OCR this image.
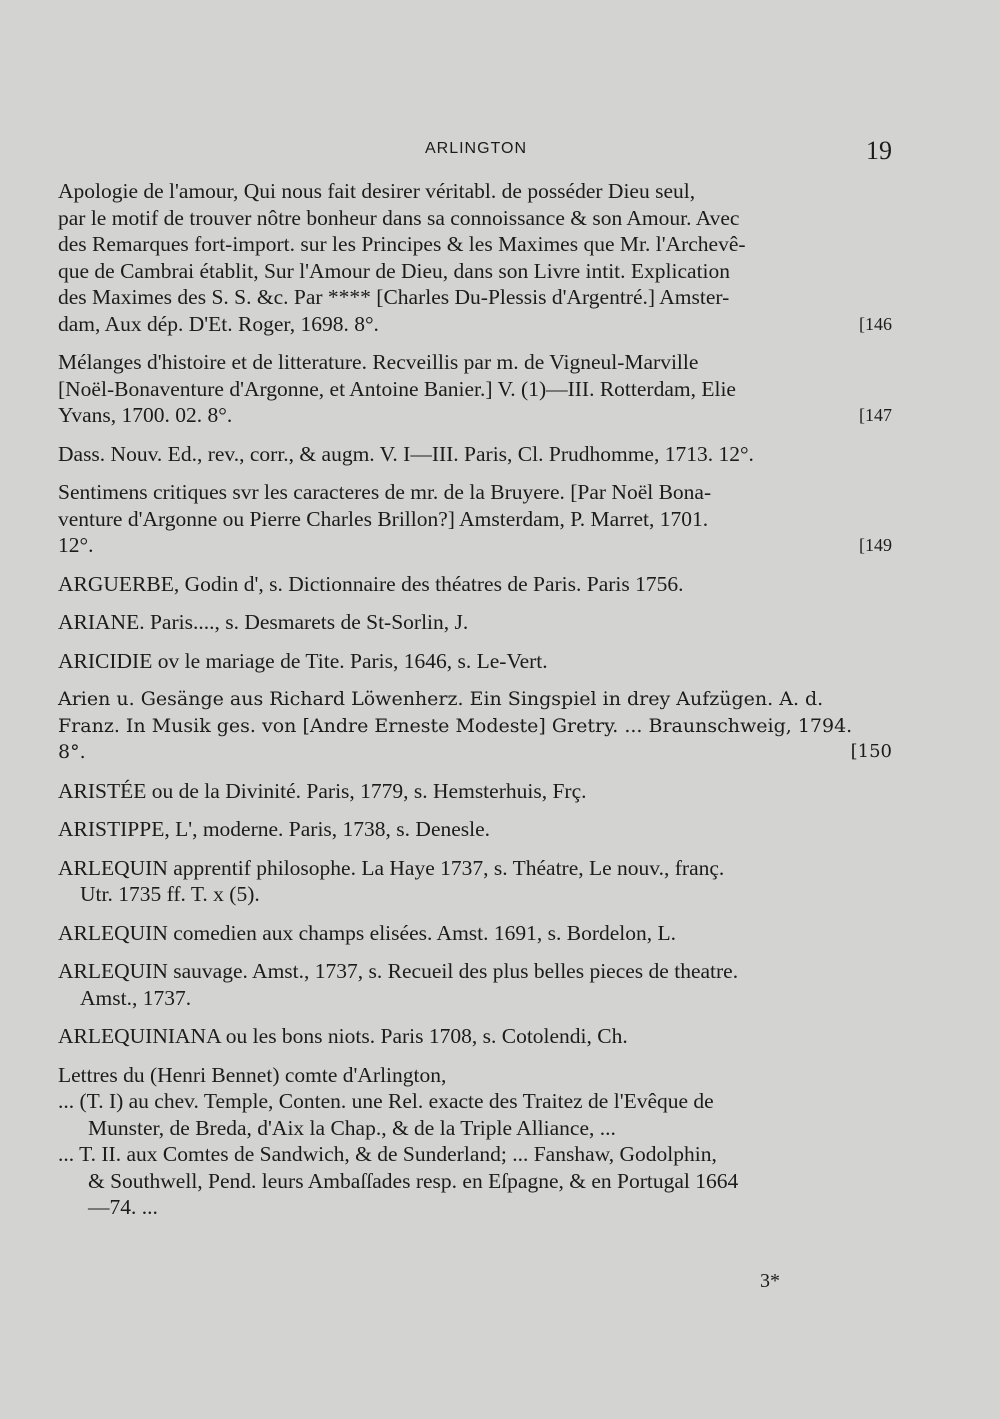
ARLINGTON	19
Apologie de l'amour, Qui nous fait desirer véritabl. de posséder Dieu seul,
par le motif de trouver nôtre bonheur dans sa connoissance & son Amour. Avec
des Remarques fort-import. sur les Principes & les Maximes que Mr. l'Archevê-
que de Cambrai établit, Sur l'Amour de Dieu, dans son Livre intit. Explication
des Maximes des S. S. &c. Par **** [Charles Du-Plessis d'Argentré.] Amster-
dam, Aux dép. D'Et. Roger, 1698. 8°.	[146
Mélanges d'histoire et de litterature. Recveillis par m. de Vigneul-Marville
[Noël-Bonaventure d'Argonne, et Antoine Banier.] V. (1)—III. Rotterdam, Elie
Yvans, 1700. 02. 8°.	[147
Dass. Nouv. Ed., rev., corr., & augm. V. I—III. Paris, Cl. Prudhomme, 1713. 12°.
Sentimens critiques svr les caracteres de mr. de la Bruyere. [Par Noël Bona-
venture d'Argonne ou Pierre Charles Brillon?] Amsterdam, P. Marret, 1701.
12°.	[149
ARGUERBE, Godin d', s. Dictionnaire des théatres de Paris. Paris 1756.
ARIANE. Paris...., s. Desmarets de St-Sorlin, J.
ARICIDIE ov le mariage de Tite. Paris, 1646, s. Le-Vert.
Arien u. Gesänge aus Richard Löwenherz. Ein Singspiel in drey Aufzügen. A. d.
Franz. In Musik ges. von [Andre Erneste Modeste] Gretry. ... Braunschweig, 1794.
8°.	[150
ARISTÉE ou de la Divinité. Paris, 1779, s. Hemsterhuis, Frç.
ARISTIPPE, L', moderne. Paris, 1738, s. Denesle.
ARLEQUIN apprentif philosophe. La Haye 1737, s. Théatre, Le nouv., franç.
Utr. 1735 ff. T. x (5).
ARLEQUIN comedien aux champs elisées. Amst. 1691, s. Bordelon, L.
ARLEQUIN sauvage. Amst., 1737, s. Recueil des plus belles pieces de theatre.
Amst., 1737.
ARLEQUINIANA ou les bons niots. Paris 1708, s. Cotolendi, Ch.
Lettres du (Henri Bennet) comte d'Arlington,
... (T. I) au chev. Temple, Conten. une Rel. exacte des Traitez de l'Evêque de
Munster, de Breda, d'Aix la Chap., & de la Triple Alliance, ...
... T. II. aux Comtes de Sandwich, & de Sunderland; ... Fanshaw, Godolphin,
& Southwell, Pend. leurs Ambaſſades resp. en Eſpagne, & en Portugal 1664
—74. ...
3*
